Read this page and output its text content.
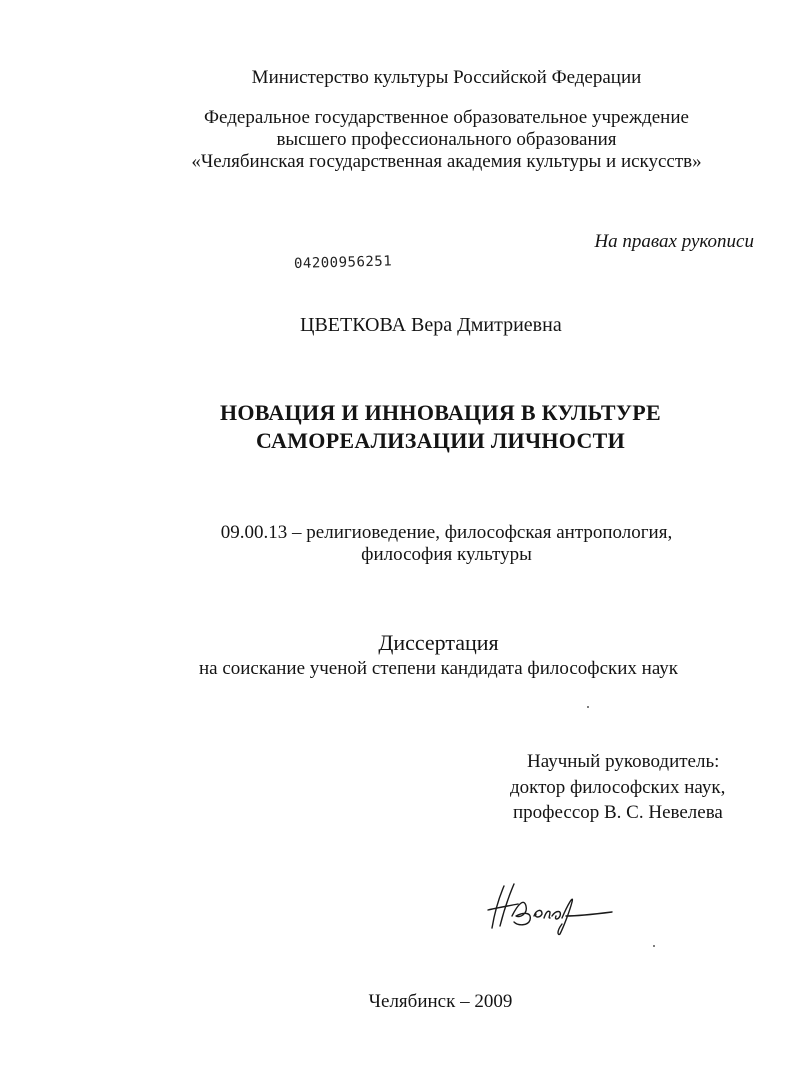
Министерство культуры Российской Федерации
Федеральное государственное образовательное учреждение
высшего профессионального образования
«Челябинская государственная академия культуры и искусств»
На правах рукописи
04200956251
ЦВЕТКОВА Вера Дмитриевна
НОВАЦИЯ И ИННОВАЦИЯ В КУЛЬТУРЕ
САМОРЕАЛИЗАЦИИ ЛИЧНОСТИ
09.00.13 – религиоведение, философская антропология,
философия культуры
Диссертация
на соискание ученой степени кандидата философских наук
Научный руководитель:
доктор философских наук,
профессор В. С. Невелева
Челябинск – 2009
